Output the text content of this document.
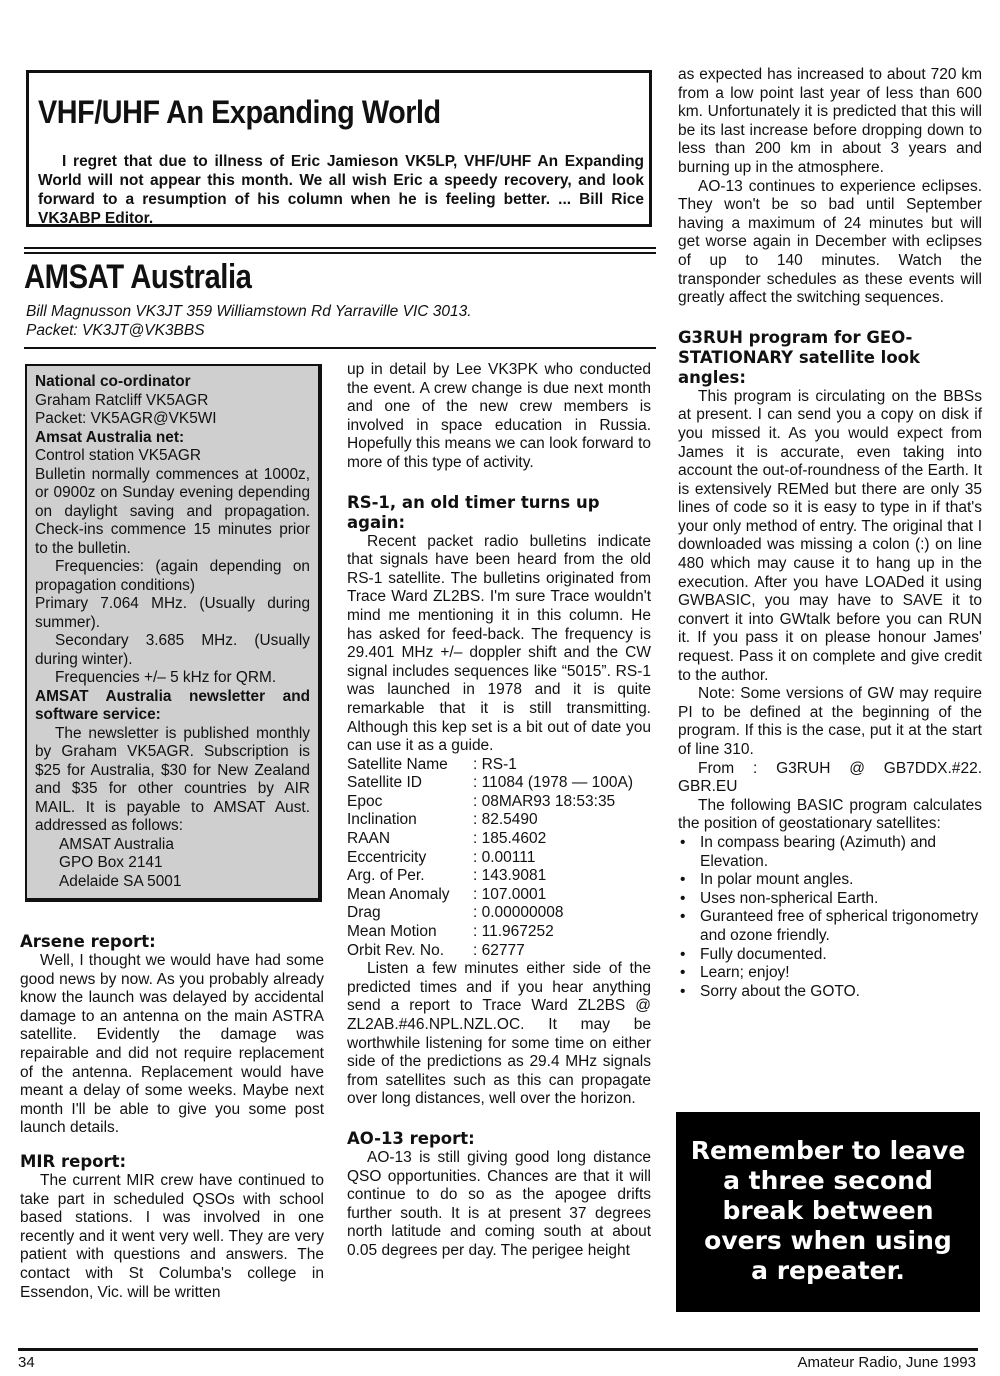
VHF/UHF An Expanding World

I regret that due to illness of Eric Jamieson VK5LP, VHF/UHF An Expanding World will not appear this month. We all wish Eric a speedy recovery, and look forward to a resumption of his column when he is feeling better. ... Bill Rice VK3ABP Editor.

AMSAT Australia
Bill Magnusson VK3JT 359 Williamstown Rd Yarraville VIC 3013.
Packet: VK3JT@VK3BBS
National co-ordinator
Graham Ratcliff VK5AGR
Packet: VK5AGR@VK5WI
Amsat Australia net:
Control station VK5AGR

Bulletin normally commences at 1000z, or 0900z on Sunday evening depending on daylight saving and propagation. Check-ins commence 15 minutes prior to the bulletin.

Frequencies: (again depending on propagation conditions)

Primary 7.064 MHz. (Usually during summer).

Secondary 3.685 MHz. (Usually during winter).

Frequencies +/– 5 kHz for QRM.

AMSAT Australia newsletter and software service:

The newsletter is published monthly by Graham VK5AGR. Subscription is $25 for Australia, $30 for New Zealand and $35 for other countries by AIR MAIL. It is payable to AMSAT Aust. addressed as follows:

AMSAT Australia
GPO Box 2141
Adelaide SA 5001
Arsene report:

Well, I thought we would have had some good news by now. As you probably already know the launch was delayed by accidental damage to an antenna on the main ASTRA satellite. Evidently the damage was repairable and did not require replacement of the antenna. Replacement would have meant a delay of some weeks. Maybe next month I'll be able to give you some post launch details.

MIR report:

The current MIR crew have continued to take part in scheduled QSOs with school based stations. I was involved in one recently and it went very well. They are very patient with questions and answers. The contact with St Columba's college in Essendon, Vic. will be written

up in detail by Lee VK3PK who conducted the event. A crew change is due next month and one of the new crew members is involved in space education in Russia. Hopefully this means we can look forward to more of this type of activity.

RS-1, an old timer turns up again:

Recent packet radio bulletins indicate that signals have been heard from the old RS-1 satellite. The bulletins originated from Trace Ward ZL2BS. I'm sure Trace wouldn't mind me mentioning it in this column. He has asked for feed-back. The frequency is 29.401 MHz +/– doppler shift and the CW signal includes sequences like “5015”. RS-1 was launched in 1978 and it is quite remarkable that it is still transmitting. Although this kep set is a bit out of date you can use it as a guide.

Satellite Name	: RS-1
Satellite ID	: 11084 (1978 — 100A)
Epoc	: 08MAR93 18:53:35
Inclination	: 82.5490
RAAN	: 185.4602
Eccentricity	: 0.00111
Arg. of Per.	: 143.9081
Mean Anomaly	: 107.0001
Drag	: 0.00000008
Mean Motion	: 11.967252
Orbit Rev. No.	: 62777

Listen a few minutes either side of the predicted times and if you hear anything send a report to Trace Ward ZL2BS @ ZL2AB.#46.NPL.NZL.OC. It may be worthwhile listening for some time on either side of the predictions as 29.4 MHz signals from satellites such as this can propagate over long distances, well over the horizon.

AO-13 report:

AO-13 is still giving good long distance QSO opportunities. Chances are that it will continue to do so as the apogee drifts further south. It is at present 37 degrees north latitude and coming south at about 0.05 degrees per day. The perigee height

as expected has increased to about 720 km from a low point last year of less than 600 km. Unfortunately it is predicted that this will be its last increase before dropping down to less than 200 km in about 3 years and burning up in the atmosphere.

AO-13 continues to experience eclipses. They won't be so bad until September having a maximum of 24 minutes but will get worse again in December with eclipses of up to 140 minutes. Watch the transponder schedules as these events will greatly affect the switching sequences.

G3RUH program for GEO-STATIONARY satellite look angles:

This program is circulating on the BBSs at present. I can send you a copy on disk if you missed it. As you would expect from James it is accurate, even taking into account the out-of-roundness of the Earth. It is extensively REMed but there are only 35 lines of code so it is easy to type in if that's your only method of entry. The original that I downloaded was missing a colon (:) on line 480 which may cause it to hang up in the execution. After you have LOADed it using GWBASIC, you may have to SAVE it to convert it into GWtalk before you can RUN it. If you pass it on please honour James' request. Pass it on complete and give credit to the author.

Note: Some versions of GW may require PI to be defined at the beginning of the program. If this is the case, put it at the start of line 310.

From : G3RUH @ GB7DDX.#22. GBR.EU

The following BASIC program calculates the position of geostationary satellites:

• In compass bearing (Azimuth) and Elevation.
• In polar mount angles.
• Uses non-spherical Earth.
• Guranteed free of spherical trigonometry and ozone friendly.
• Fully documented.
• Learn; enjoy!
• Sorry about the GOTO.
Remember to leave
a three second
break between
overs when using
a repeater.
34	Amateur Radio, June 1993
